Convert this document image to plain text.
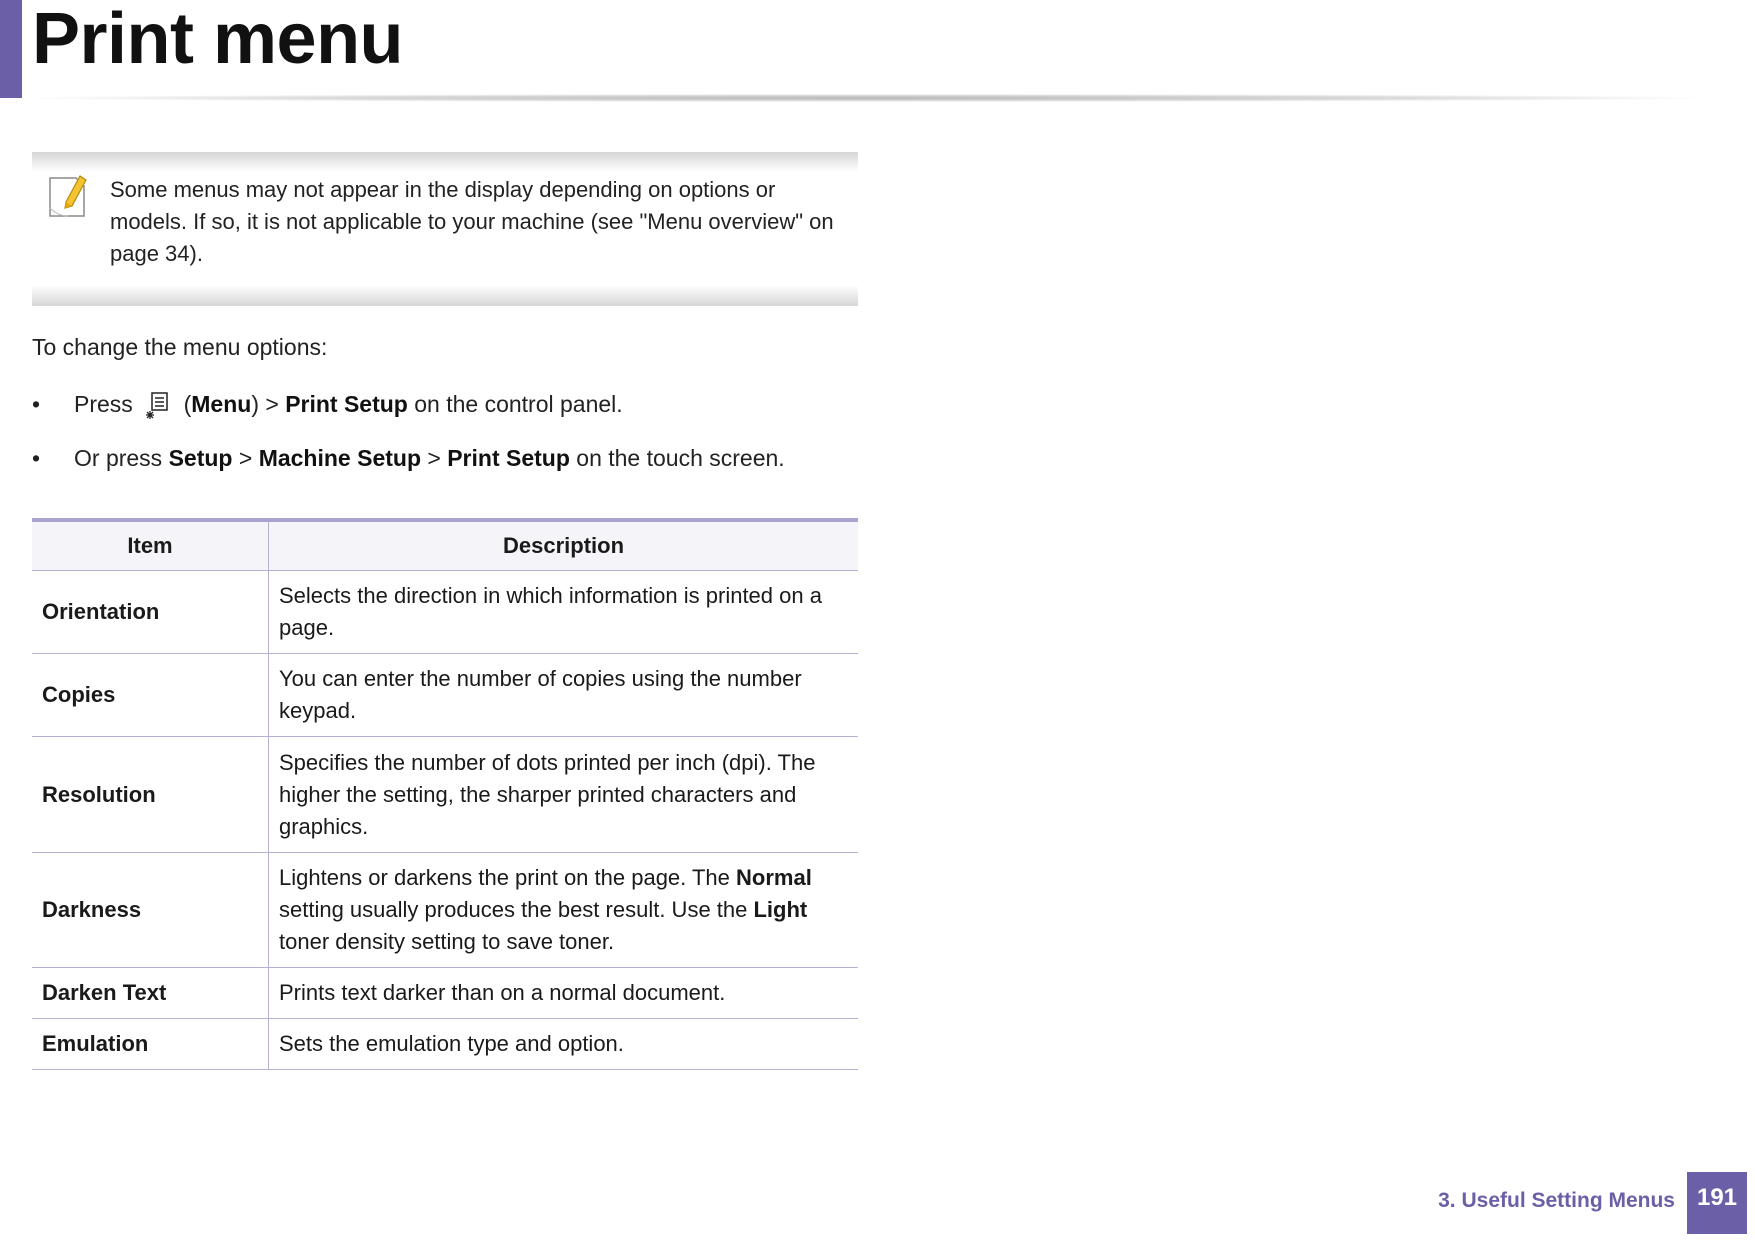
Print menu
Some menus may not appear in the display depending on options or models. If so, it is not applicable to your machine (see "Menu overview" on page 34).
To change the menu options:
• Press  (Menu) > Print Setup on the control panel.
• Or press Setup > Machine Setup > Print Setup on the touch screen.
Item	Description
Orientation	Selects the direction in which information is printed on a page.
Copies	You can enter the number of copies using the number keypad.
Resolution	Specifies the number of dots printed per inch (dpi). The higher the setting, the sharper printed characters and graphics.
Darkness	Lightens or darkens the print on the page. The Normal setting usually produces the best result. Use the Light toner density setting to save toner.
Darken Text	Prints text darker than on a normal document.
Emulation	Sets the emulation type and option.
3. Useful Setting Menus 191
